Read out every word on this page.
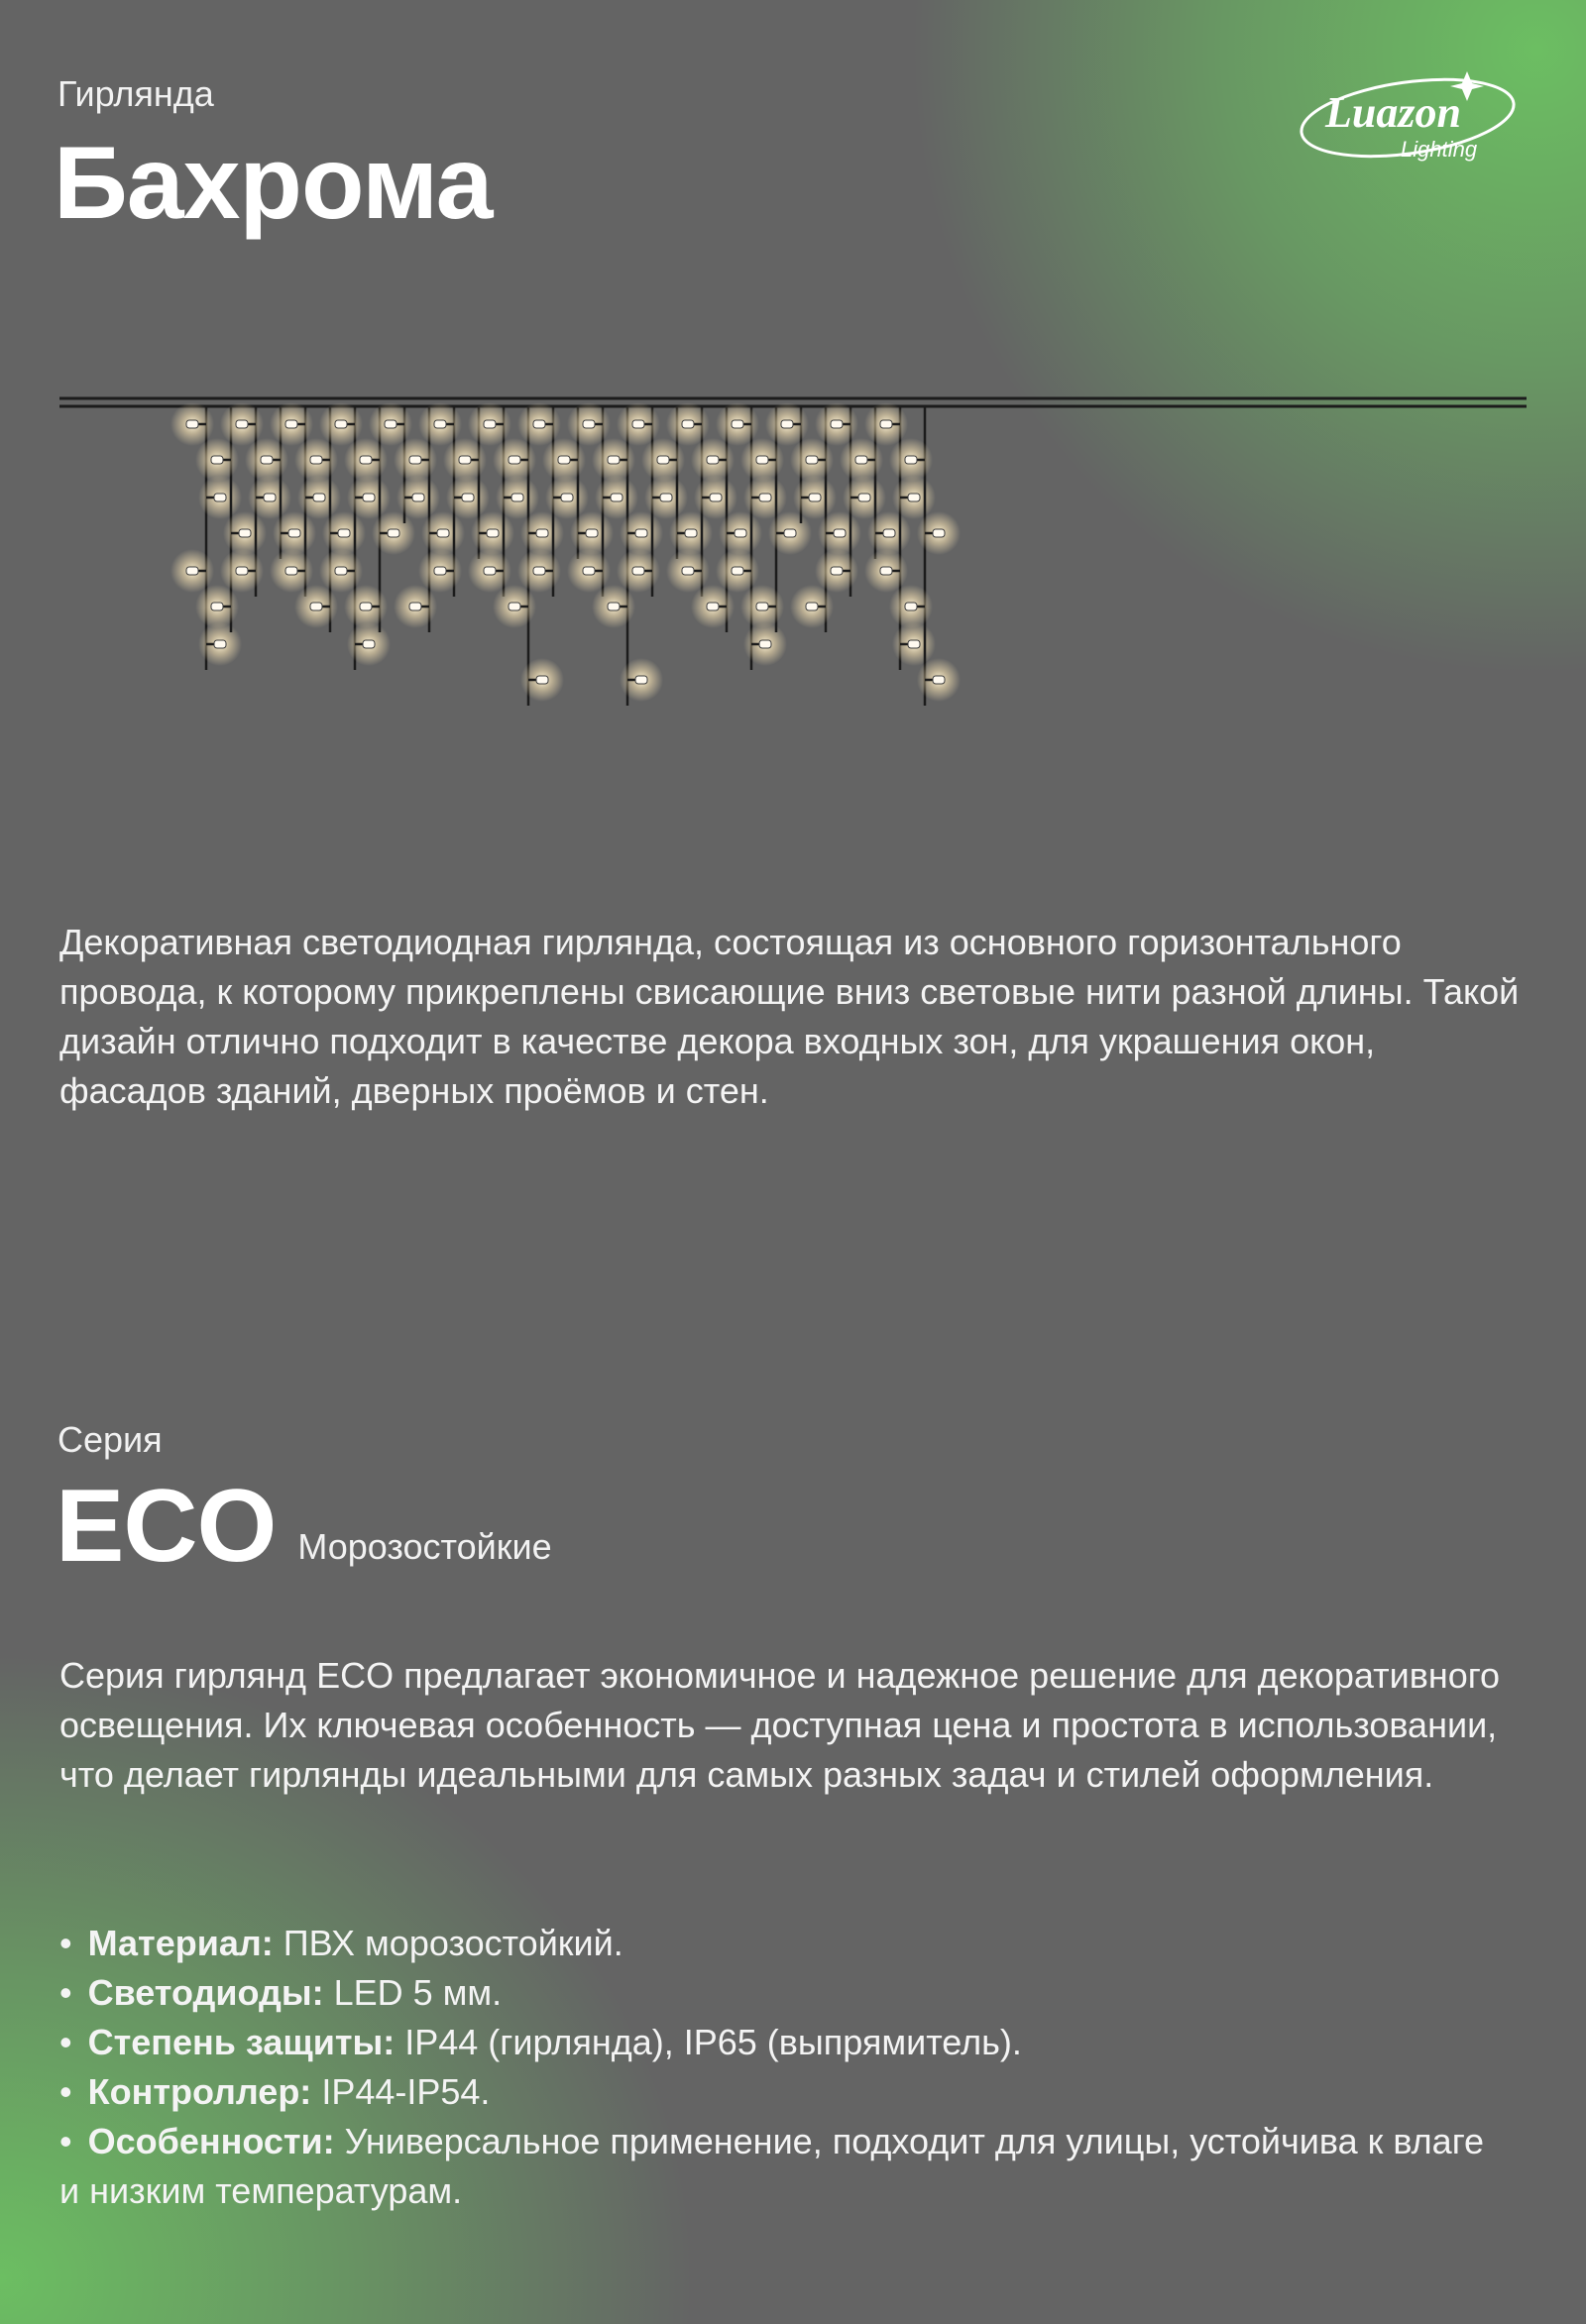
Гирлянда
Бахрома
Luazon
Lighting
Декоративная светодиодная гирлянда, состоящая из основного горизонтального провода, к которому прикреплены свисающие вниз световые нити разной длины. Такой дизайн отлично подходит в качестве декора входных зон, для украшения окон, фасадов зданий, дверных проёмов и стен.
Серия
ECO Морозостойкие
Серия гирлянд ECO предлагает экономичное и надежное решение для декоративного освещения. Их ключевая особенность — доступная цена и простота в использовании, что делает гирлянды идеальными для самых разных задач и стилей оформления.
• Материал: ПВХ морозостойкий.
• Светодиоды: LED 5 мм.
• Степень защиты: IP44 (гирлянда), IP65 (выпрямитель).
• Контроллер: IP44-IP54.
• Особенности: Универсальное применение, подходит для улицы, устойчива к влаге и низким температурам.
